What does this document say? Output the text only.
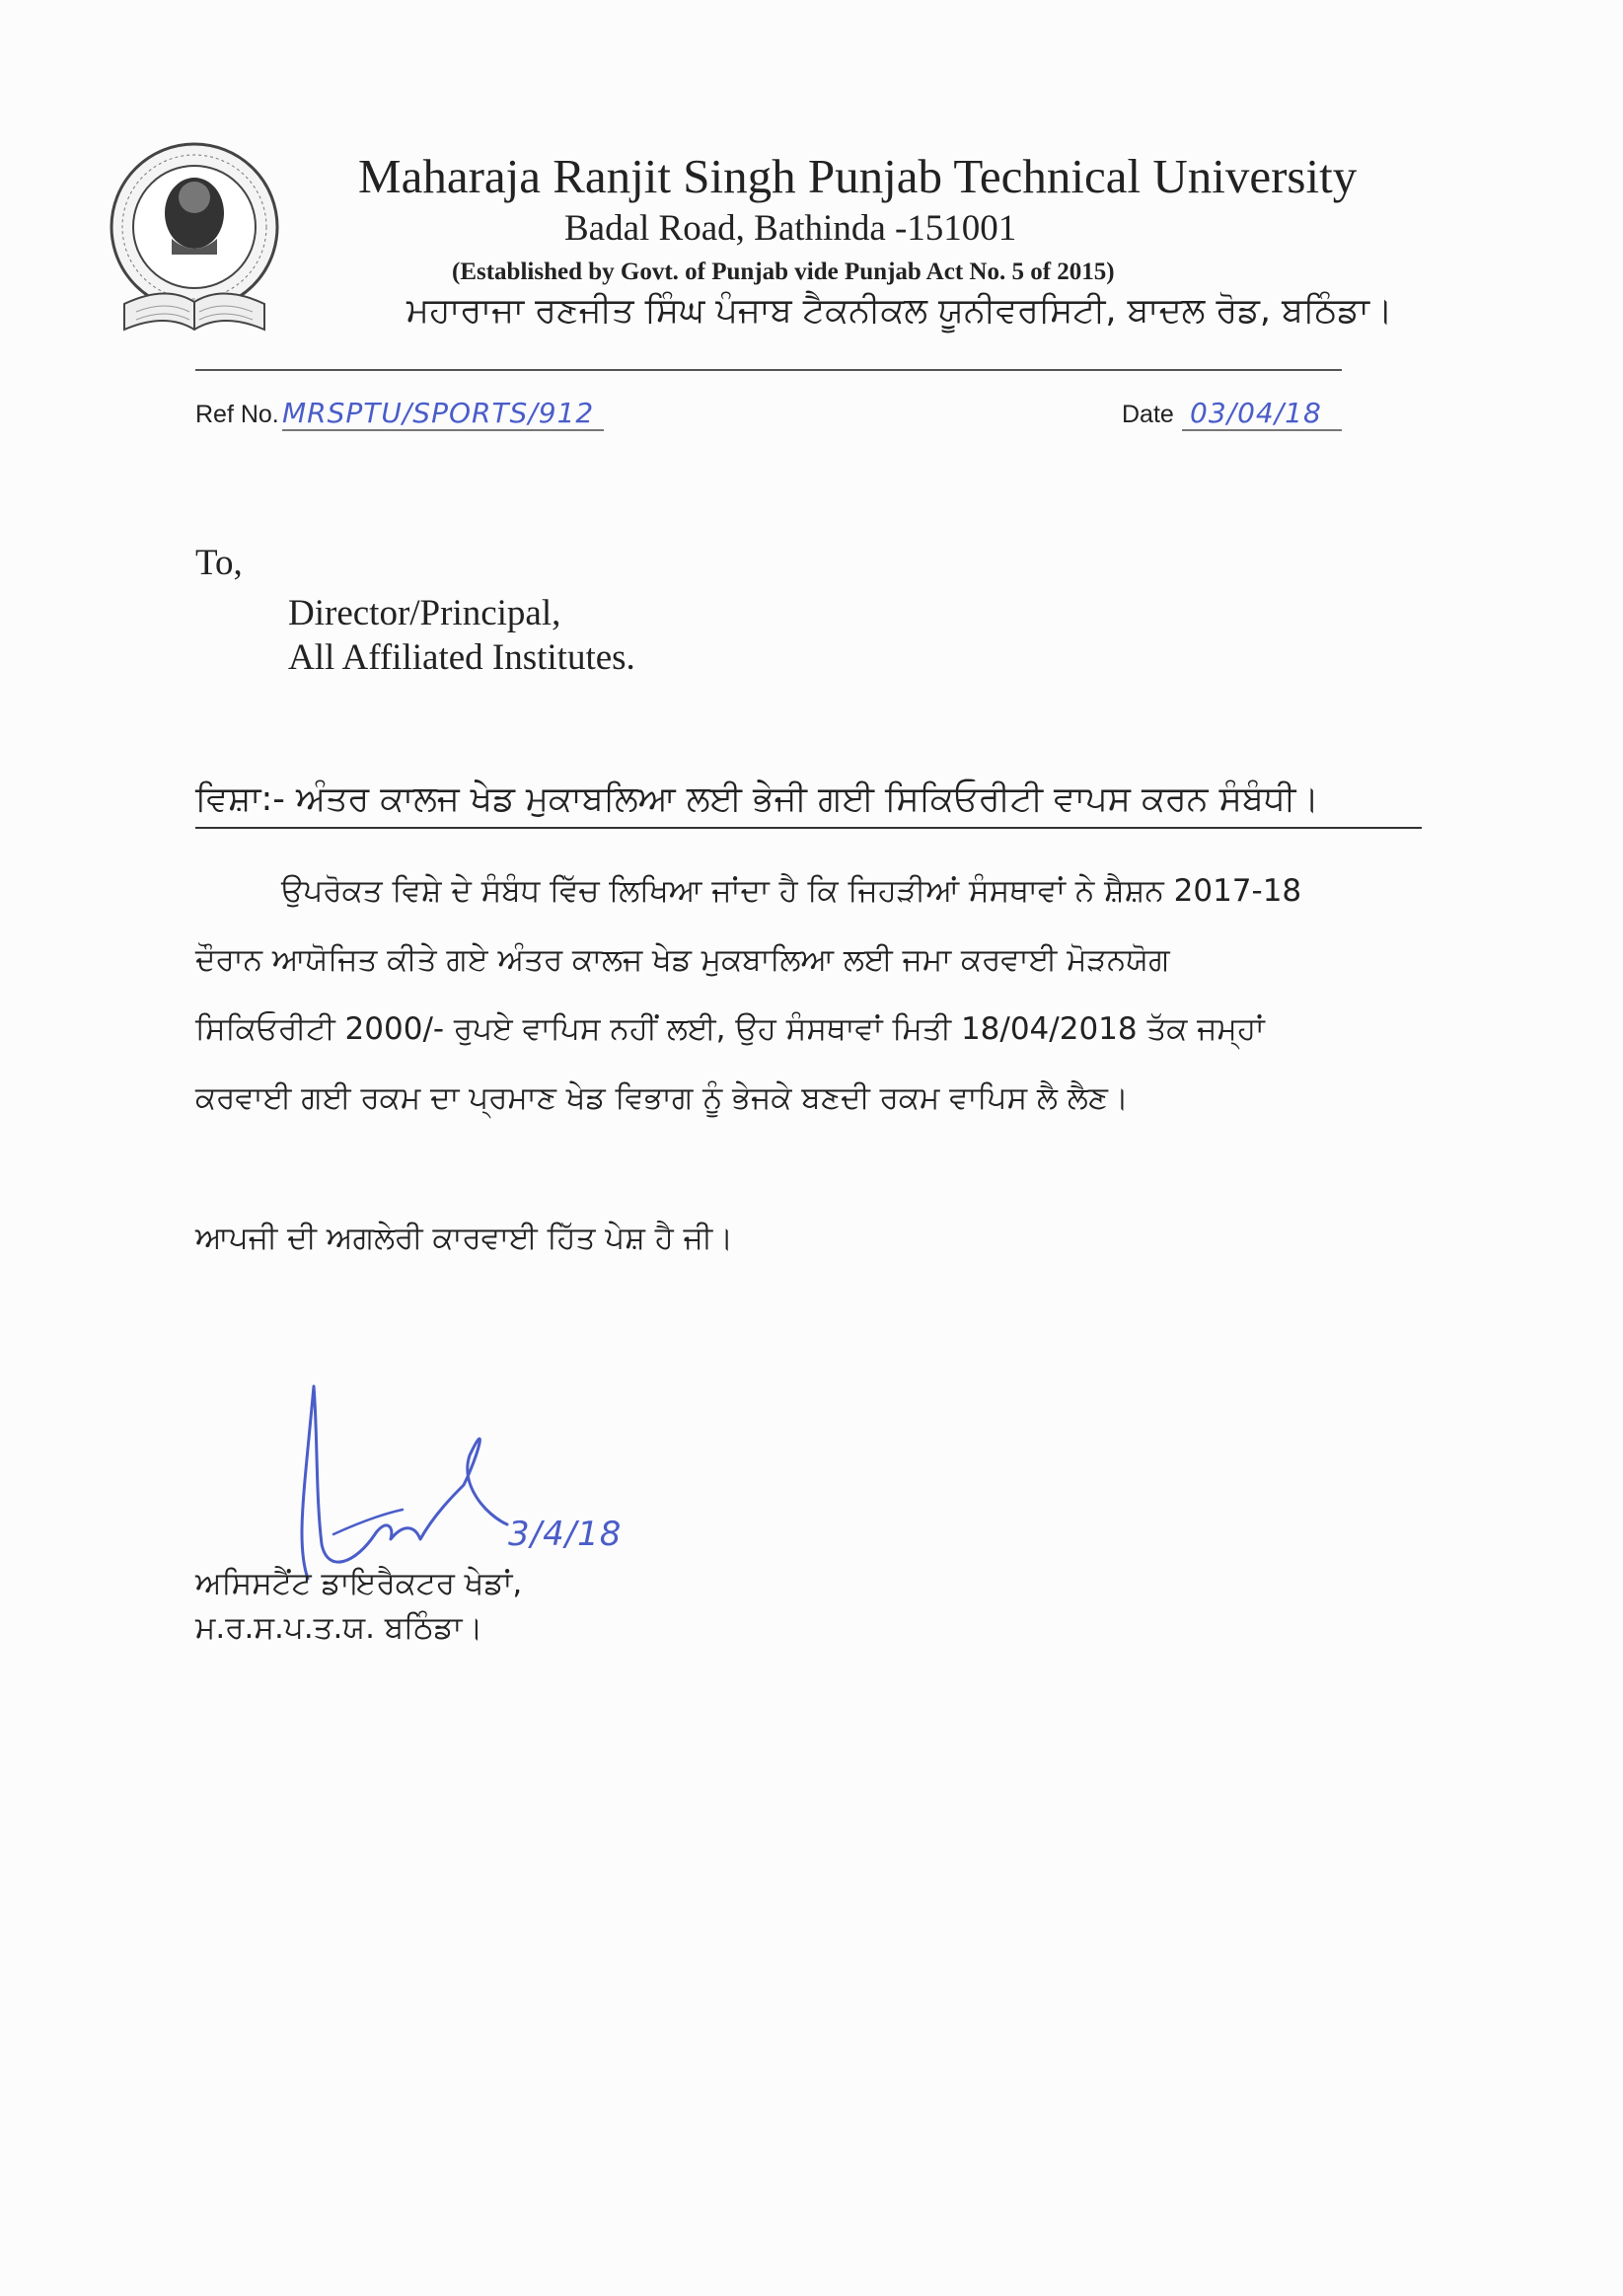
Maharaja Ranjit Singh Punjab Technical University
Badal Road, Bathinda -151001
(Established by Govt. of Punjab vide Punjab Act No. 5 of 2015)
ਮਹਾਰਾਜਾ ਰਣਜੀਤ ਸਿੰਘ ਪੰਜਾਬ ਟੈਕਨੀਕਲ ਯੂਨੀਵਰਸਿਟੀ, ਬਾਦਲ ਰੋਡ, ਬਠਿੰਡਾ।
Ref No. MRSPTU/SPORTS/912	Date 03/04/18
To,
Director/Principal,
All Affiliated Institutes.
ਵਿਸ਼ਾ:- ਅੰਤਰ ਕਾਲਜ ਖੇਡ ਮੁਕਾਬਲਿਆ ਲਈ ਭੇਜੀ ਗਈ ਸਿਕਿਓਰੀਟੀ ਵਾਪਸ ਕਰਨ ਸੰਬੰਧੀ।
ਉਪਰੋਕਤ ਵਿਸ਼ੇ ਦੇ ਸੰਬੰਧ ਵਿੱਚ ਲਿਖਿਆ ਜਾਂਦਾ ਹੈ ਕਿ ਜਿਹੜੀਆਂ ਸੰਸਥਾਵਾਂ ਨੇ ਸ਼ੈਸ਼ਨ 2017-18
ਦੌਰਾਨ ਆਯੋਜਿਤ ਕੀਤੇ ਗਏ ਅੰਤਰ ਕਾਲਜ ਖੇਡ ਮੁਕਬਾਲਿਆ ਲਈ ਜਮਾ ਕਰਵਾਈ ਮੋੜਨਯੋਗ
ਸਿਕਿਓਰੀਟੀ 2000/- ਰੁਪਏ ਵਾਪਿਸ ਨਹੀਂ ਲਈ, ਉਹ ਸੰਸਥਾਵਾਂ ਮਿਤੀ 18/04/2018 ਤੱਕ ਜਮ੍ਹਾਂ
ਕਰਵਾਈ ਗਈ ਰਕਮ ਦਾ ਪ੍ਰਮਾਣ ਖੇਡ ਵਿਭਾਗ ਨੂੰ ਭੇਜਕੇ ਬਣਦੀ ਰਕਮ ਵਾਪਿਸ ਲੈ ਲੈਣ।
ਆਪਜੀ ਦੀ ਅਗਲੇਰੀ ਕਾਰਵਾਈ ਹਿੱਤ ਪੇਸ਼ ਹੈ ਜੀ।
3/4/18
ਅਸਿਸਟੈਂਟ ਡਾਇਰੈਕਟਰ ਖੇਡਾਂ,
ਮ.ਰ.ਸ.ਪ.ਤ.ਯ. ਬਠਿੰਡਾ।
